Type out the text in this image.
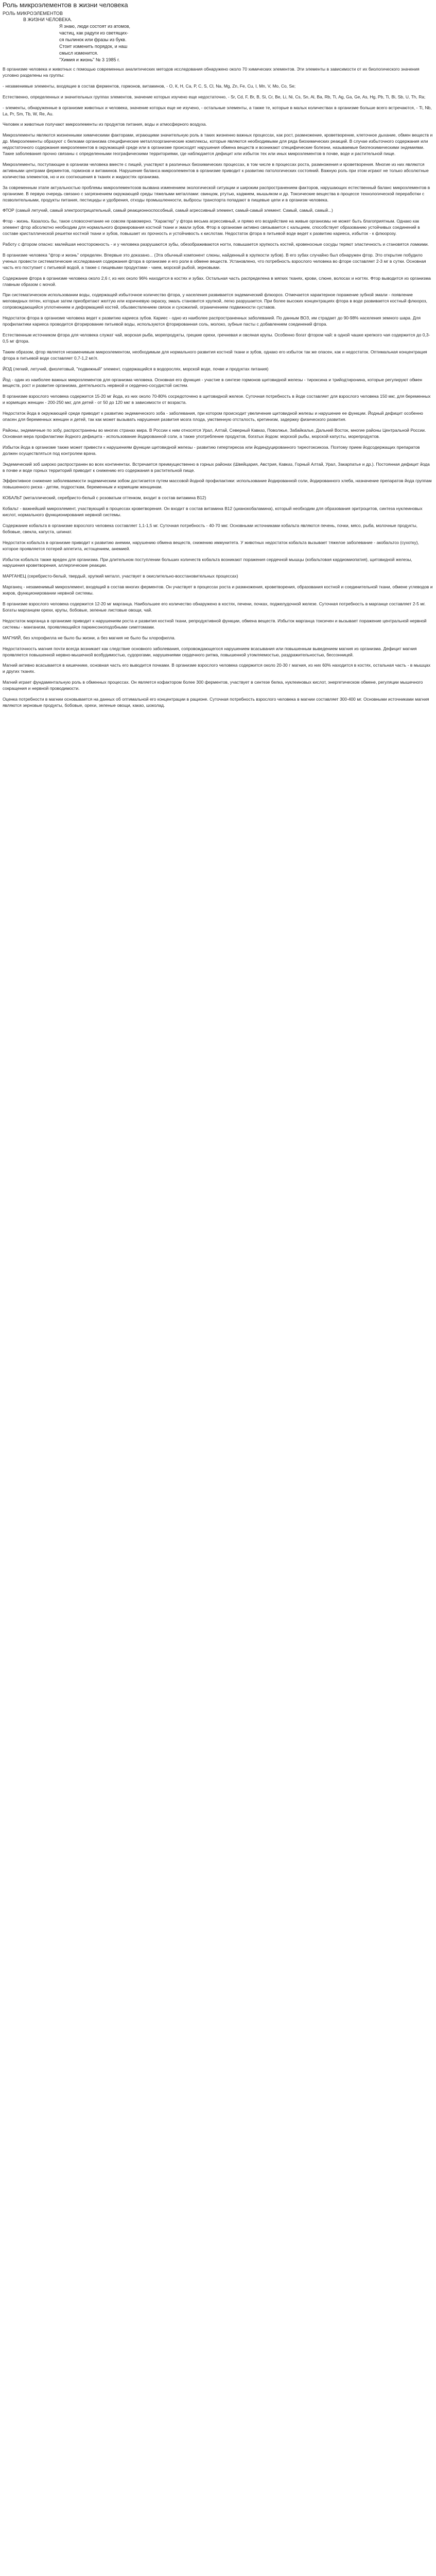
Роль микроэлементов в жизни человека
РОЛЬ МИКРОЭЛЕМЕНТОВ
В ЖИЗНИ ЧЕЛОВЕКА.
Я знаю, люди состоят из атомов,
частиц, как радуги из светящих-
ся пылинок или фразы из букв.
Стоит изменить порядок, и наш
смысл изменится.
"Химия и жизнь" № 3 1985 г.

В организме человека и животных с помощью современных аналитических методов исследования обнаружено около 70 химических элементов. Эти элементы в зависимости от их биологического значения условно разделены на группы:

- незаменимые элементы, входящие в состав ферментов, гормонов, витаминов, - О, К, Н, Са, Р, С, S, Cl, Na, Mg, Zn, Fe, Cu, I, Mn, V, Mo, Co, Se;

Естественно, определенных и значительных группах элементов, значение которых изучено еще недостаточно, - Sr, Cd, F, Br, B, Si, Cr, Be, Li, Ni, Cs, Sn, Al, Ba, Rb, Ti, Ag, Ga, Ge, As, Hg, Pb, Ti, Bi, Sb, U, Th, Ra;

- элементы, обнаруженные в организме животных и человека, значение которых еще не изучено, - остальные элементы, а также те, которые в малых количествах в организме больше всего встречаются, - Ti, Nb, La, Pr, Sm, Tb, W, Re, Au.

Человек и животные получают микроэлементы из продуктов питания, воды и атмосферного воздуха.

Микроэлементы являются жизненными химическими факторами, играющими значительную роль в таких жизненно важных процессах, как рост, размножение, кроветворение, клеточное дыхание, обмен веществ и др. Микроэлементы образуют с белками организма специфические металлоорганические комплексы, которые являются необходимыми для ряда биохимических реакций. В случае избыточного содержания или недостаточного содержания микроэлементов в окружающей среде или в организме происходят нарушения обмена веществ и возникают специфические болезни, называемые биогеохимическими эндемиями. Такие заболевания прочно связаны с определенными географическими территориями, где наблюдается дефицит или избыток тех или иных микроэлементов в почве, воде и растительной пище.

Микроэлементы, поступающие в организм человека вместе с пищей, участвуют в различных биохимических процессах, в том числе в процессах роста, размножения и кроветворения. Многие из них являются активными центрами ферментов, гормонов и витаминов. Нарушение баланса микроэлементов в организме приводит к развитию патологических состояний. Важную роль при этом играют не только абсолютные количества элементов, но и их соотношения в тканях и жидкостях организма.

За современным этапе актуальностью проблемы микроэлементозов вызвана изменением экологической ситуации и широким распространением факторов, нарушающих естественный баланс микроэлементов в организме. В первую очередь связано с загрязнением окружающей среды тяжелыми металлами: свинцом, ртутью, кадмием, мышьяком и др. Токсические вещества в процессе технологической переработки с позволительными, продукты питания, пестициды и удобрения, отходы промышленности, выбросы транспорта попадают в пищевые цепи и в организм человека.

ФТОР (самый летучий, самый электроотрицательный, самый реакционноспособный, самый агрессивный элемент, самый-самый элемент. Самый, самый, самый...)

Фтор - жизнь. Казалось бы, такое словосочетание не совсем правомерно. "Характер" у фтора весьма агрессивный, и прямо его воздействие на живые организмы не может быть благоприятным. Однако как элемент фтор абсолютно необходим для нормального формирования костной ткани и эмали зубов. Фтор в организме активно связывается с кальцием, способствует образованию устойчивых соединений в составе кристаллической решетки костной ткани и зубов, повышает их прочность и устойчивость к кислотам. Недостаток фтора в питьевой воде ведет к развитию кариеса, избыток - к флюорозу.

Работу с фтором опасно: малейшая неосторожность - и у человека разрушаются зубы, обезображиваются ногти, повышается хрупкость костей, кровеносные сосуды теряют эластичность и становятся ломкими.

В организме человека "фтор и жизнь" определен. Впервые это доказано... (Эта обычный компонент слюны, найденный в хрупкости зубов). В его зубах случайно был обнаружен фтор. Это открытие побудило ученых провести систематические исследования содержания фтора в организме и его роли в обмене веществ. Установлено, что потребность взрослого человека во фторе составляет 2-3 мг в сутки. Основная часть его поступает с питьевой водой, а также с пищевыми продуктами - чаем, морской рыбой, зерновыми.

Содержание фтора в организме человека около 2,6 г, из них около 96% находится в костях и зубах. Остальная часть распределена в мягких тканях, крови, слюне, волосах и ногтях. Фтор выводится из организма главным образом с мочой.

При систематическом использовании воды, содержащей избыточное количество фтора, у населения развивается эндемический флюороз. Отмечается характерное поражение зубной эмали - появление меловидных пятен, которые затем приобретают желтую или коричневую окраску, эмаль становится хрупкой, легко разрушается. При более высоких концентрациях фтора в воде развивается костный флюороз, сопровождающийся уплотнением и деформацией костей, обызвествлением связок и сухожилий, ограничением подвижности суставов.

Недостаток фтора в организме человека ведет к развитию кариеса зубов. Кариес - одно из наиболее распространенных заболеваний. По данным ВОЗ, им страдает до 90-98% населения земного шара. Для профилактики кариеса проводится фторирование питьевой воды, используются фторированная соль, молоко, зубные пасты с добавлением соединений фтора.

Естественным источником фтора для человека служат чай, морская рыба, морепродукты, грецкие орехи, гречневая и овсяная крупы. Особенно богат фтором чай: в одной чашке крепкого чая содержится до 0,3-0,5 мг фтора.

Таким образом, фтор является незаменимым микроэлементом, необходимым для нормального развития костной ткани и зубов, однако его избыток так же опасен, как и недостаток. Оптимальная концентрация фтора в питьевой воде составляет 0,7-1,2 мг/л.

ЙОД (легкий, летучий, фиолетовый, "подвижный" элемент, содержащийся в водорослях, морской воде, почве и продуктах питания)

Йод - один из наиболее важных микроэлементов для организма человека. Основная его функция - участие в синтезе гормонов щитовидной железы - тироксина и трийодтиронина, которые регулируют обмен веществ, рост и развитие организма, деятельность нервной и сердечно-сосудистой систем.

В организме взрослого человека содержится 15-20 мг йода, из них около 70-80% сосредоточено в щитовидной железе. Суточная потребность в йоде составляет для взрослого человека 150 мкг, для беременных и кормящих женщин - 200-250 мкг, для детей - от 50 до 120 мкг в зависимости от возраста.

Недостаток йода в окружающей среде приводит к развитию эндемического зоба - заболевания, при котором происходит увеличение щитовидной железы и нарушение ее функции. Йодный дефицит особенно опасен для беременных женщин и детей, так как может вызывать нарушения развития мозга плода, умственную отсталость, кретинизм, задержку физического развития.

Районы, эндемичные по зобу, распространены во многих странах мира. В России к ним относятся Урал, Алтай, Северный Кавказ, Поволжье, Забайкалье, Дальний Восток, многие районы Центральной России. Основная мера профилактики йодного дефицита - использование йодированной соли, а также употребление продуктов, богатых йодом: морской рыбы, морской капусты, морепродуктов.

Избыток йода в организме также может привести к нарушениям функции щитовидной железы - развитию гипертиреоза или йодиндуцированного тиреотоксикоза. Поэтому прием йодсодержащих препаратов должен осуществляться под контролем врача.

Эндемический зоб широко распространен во всех континентах. Встречается преимущественно в горных районах (Швейцария, Австрия, Кавказ, Горный Алтай, Урал, Закарпатье и др.). Постоянная дефицит йода в почве и воде горных территорий приводит к снижению его содержания в растительной пище.

Эффективное снижение заболеваемости эндемическим зобом достигается путем массовой йодной профилактики: использование йодированной соли, йодированного хлеба, назначение препаратов йода группам повышенного риска - детям, подросткам, беременным и кормящим женщинам.

КОБАЛЬТ (металлический, серебристо-белый с розоватым оттенком, входит в состав витамина В12)

Кобальт - важнейший микроэлемент, участвующий в процессах кроветворения. Он входит в состав витамина В12 (цианокобаламина), который необходим для образования эритроцитов, синтеза нуклеиновых кислот, нормального функционирования нервной системы.

Содержание кобальта в организме взрослого человека составляет 1,1-1,5 мг. Суточная потребность - 40-70 мкг. Основными источниками кобальта являются печень, почки, мясо, рыба, молочные продукты, бобовые, свекла, капуста, шпинат.

Недостаток кобальта в организме приводит к развитию анемии, нарушению обмена веществ, снижению иммунитета. У животных недостаток кобальта вызывает тяжелое заболевание - акобальтоз (сухотку), которое проявляется потерей аппетита, истощением, анемией.

Избыток кобальта также вреден для организма. При длительном поступлении больших количеств кобальта возникают поражения сердечной мышцы (кобальтовая кардиомиопатия), щитовидной железы, нарушения кроветворения, аллергические реакции.

МАРГАНЕЦ (серебристо-белый, твердый, хрупкий металл, участвует в окислительно-восстановительных процессах)

Марганец - незаменимый микроэлемент, входящий в состав многих ферментов. Он участвует в процессах роста и размножения, кроветворения, образования костной и соединительной ткани, обмене углеводов и жиров, функционировании нервной системы.

В организме взрослого человека содержится 12-20 мг марганца. Наибольшее его количество обнаружено в костях, печени, почках, поджелудочной железе. Суточная потребность в марганце составляет 2-5 мг. Богаты марганцем орехи, крупы, бобовые, зеленые листовые овощи, чай.

Недостаток марганца в организме приводит к нарушениям роста и развития костной ткани, репродуктивной функции, обмена веществ. Избыток марганца токсичен и вызывает поражение центральной нервной системы - манганизм, проявляющийся паркинсоноподобными симптомами.

МАГНИЙ, без хлорофилла не было бы жизни, а без магния не было бы хлорофилла.

Недостаточность магния почти всегда возникает как следствие основного заболевания, сопровождающегося нарушением всасывания или повышенным выведением магния из организма. Дефицит магния проявляется повышенной нервно-мышечной возбудимостью, судорогами, нарушениями сердечного ритма, повышенной утомляемостью, раздражительностью, бессонницей.

Магний активно всасывается в кишечнике, основная часть его выводится почками. В организме взрослого человека содержится около 20-30 г магния, из них 60% находится в костях, остальная часть - в мышцах и других тканях.

Магний играет фундаментальную роль в обменных процессах. Он является кофактором более 300 ферментов, участвует в синтезе белка, нуклеиновых кислот, энергетическом обмене, регуляции мышечного сокращения и нервной проводимости.

Оценка потребности в магнии основывается на данных об оптимальной его концентрации в рационе. Суточная потребность взрослого человека в магнии составляет 300-400 мг. Основными источниками магния являются зерновые продукты, бобовые, орехи, зеленые овощи, какао, шоколад.
